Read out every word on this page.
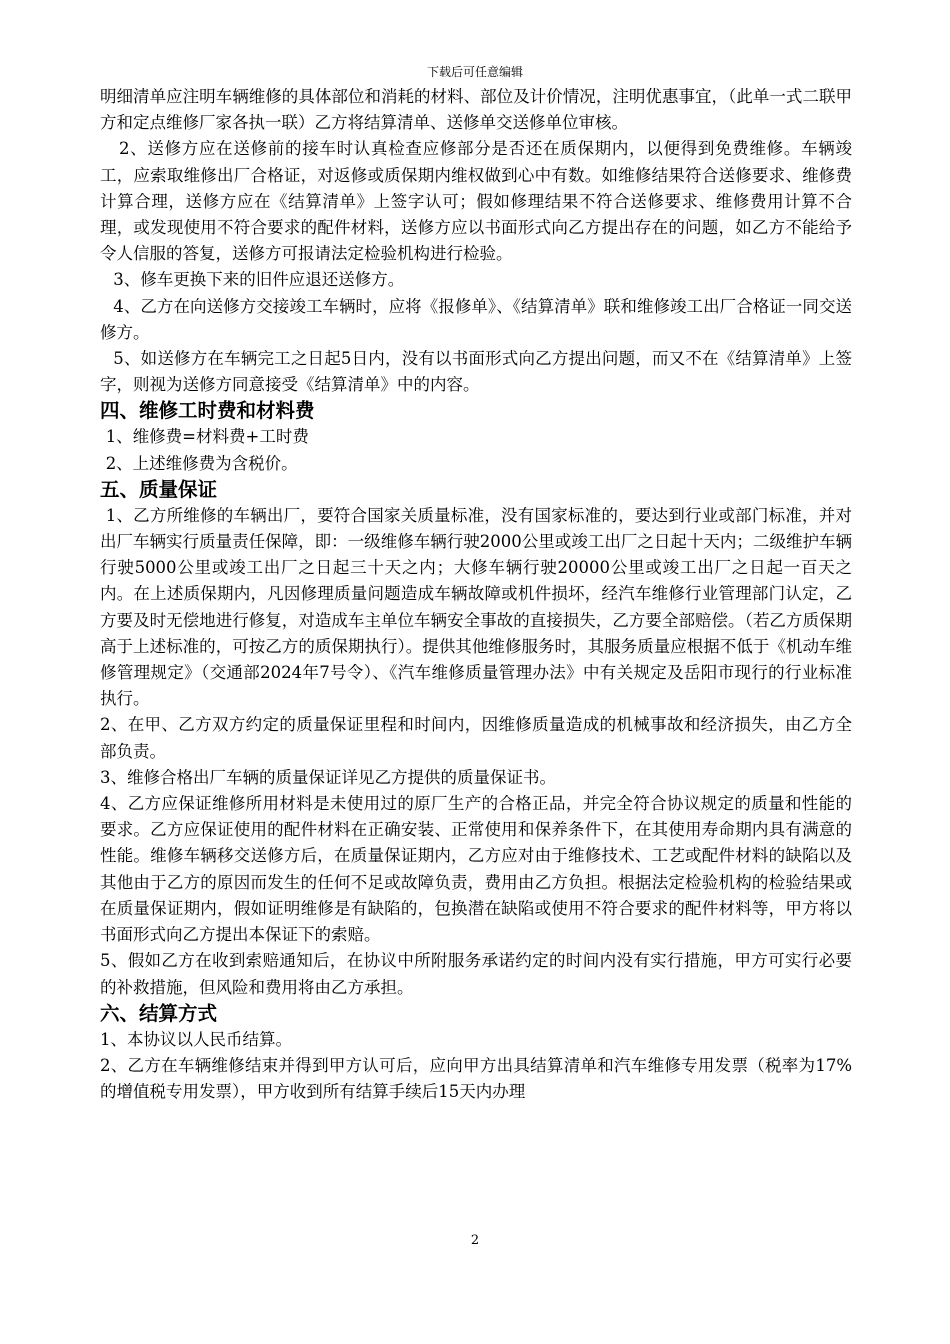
下载后可任意编辑
明细清单应注明车辆维修的具体部位和消耗的材料、部位及计价情况，注明优惠事宜，（此单一式二联甲方和定点维修厂家各执一联）乙方将结算清单、送修单交送修单位审核。
2、送修方应在送修前的接车时认真检查应修部分是否还在质保期内，以便得到免费维修。车辆竣工，应索取维修出厂合格证，对返修或质保期内维权做到心中有数。如维修结果符合送修要求、维修费计算合理，送修方应在《结算清单》上签字认可；假如修理结果不符合送修要求、维修费用计算不合理，或发现使用不符合要求的配件材料，送修方应以书面形式向乙方提出存在的问题，如乙方不能给予令人信服的答复，送修方可报请法定检验机构进行检验。
3、修车更换下来的旧件应退还送修方。
4、乙方在向送修方交接竣工车辆时，应将《报修单》、《结算清单》联和维修竣工出厂合格证一同交送修方。
5、如送修方在车辆完工之日起5日内，没有以书面形式向乙方提出问题，而又不在《结算清单》上签字，则视为送修方同意接受《结算清单》中的内容。
四、维修工时费和材料费
1、维修费=材料费+工时费
2、上述维修费为含税价。
五、质量保证
1、乙方所维修的车辆出厂，要符合国家关质量标准，没有国家标准的，要达到行业或部门标准，并对出厂车辆实行质量责任保障，即：一级维修车辆行驶2000公里或竣工出厂之日起十天内；二级维护车辆行驶5000公里或竣工出厂之日起三十天之内；大修车辆行驶20000公里或竣工出厂之日起一百天之内。在上述质保期内，凡因修理质量问题造成车辆故障或机件损坏，经汽车维修行业管理部门认定，乙方要及时无偿地进行修复，对造成车主单位车辆安全事故的直接损失，乙方要全部赔偿。（若乙方质保期高于上述标准的，可按乙方的质保期执行）。提供其他维修服务时，其服务质量应根据不低于《机动车维修管理规定》（交通部2024年7号令）、《汽车维修质量管理办法》中有关规定及岳阳市现行的行业标准执行。
2、在甲、乙方双方约定的质量保证里程和时间内，因维修质量造成的机械事故和经济损失，由乙方全部负责。
3、维修合格出厂车辆的质量保证详见乙方提供的质量保证书。
4、乙方应保证维修所用材料是未使用过的原厂生产的合格正品，并完全符合协议规定的质量和性能的要求。乙方应保证使用的配件材料在正确安装、正常使用和保养条件下，在其使用寿命期内具有满意的性能。维修车辆移交送修方后，在质量保证期内，乙方应对由于维修技术、工艺或配件材料的缺陷以及其他由于乙方的原因而发生的任何不足或故障负责，费用由乙方负担。根据法定检验机构的检验结果或在质量保证期内，假如证明维修是有缺陷的，包换潜在缺陷或使用不符合要求的配件材料等，甲方将以书面形式向乙方提出本保证下的索赔。
5、假如乙方在收到索赔通知后，在协议中所附服务承诺约定的时间内没有实行措施，甲方可实行必要的补救措施，但风险和费用将由乙方承担。
六、结算方式
1、本协议以人民币结算。
2、乙方在车辆维修结束并得到甲方认可后，应向甲方出具结算清单和汽车维修专用发票（税率为17%的增值税专用发票），甲方收到所有结算手续后15天内办理
2
